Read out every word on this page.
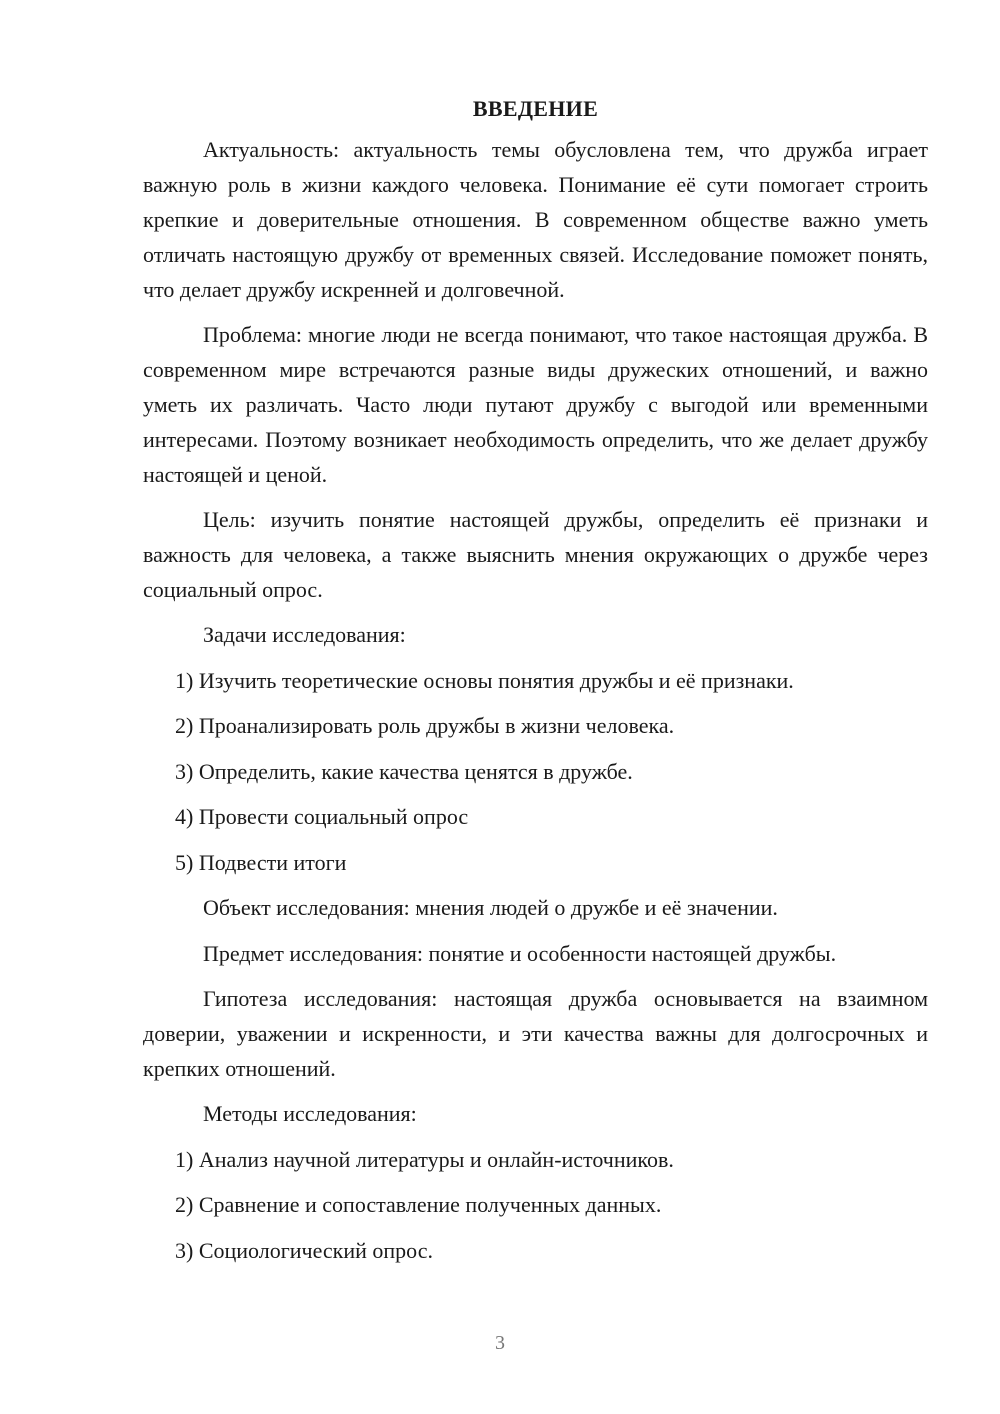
ВВЕДЕНИЕ

Актуальность: актуальность темы обусловлена тем, что дружба играет важную роль в жизни каждого человека. Понимание её сути помогает строить крепкие и доверительные отношения. В современном обществе важно уметь отличать настоящую дружбу от временных связей. Исследование поможет понять, что делает дружбу искренней и долговечной.

Проблема: многие люди не всегда понимают, что такое настоящая дружба. В современном мире встречаются разные виды дружеских отношений, и важно уметь их различать. Часто люди путают дружбу с выгодой или временными интересами. Поэтому возникает необходимость определить, что же делает дружбу настоящей и ценой.

Цель: изучить понятие настоящей дружбы, определить её признаки и важность для человека, а также выяснить мнения окружающих о дружбе через социальный опрос.

Задачи исследования:
1) Изучить теоретические основы понятия дружбы и её признаки.
2) Проанализировать роль дружбы в жизни человека.
3) Определить, какие качества ценятся в дружбе.
4) Провести социальный опрос
5) Подвести итоги
Объект исследования: мнения людей о дружбе и её значении.
Предмет исследования: понятие и особенности настоящей дружбы.

Гипотеза исследования: настоящая дружба основывается на взаимном доверии, уважении и искренности, и эти качества важны для долгосрочных и крепких отношений.

Методы исследования:
1) Анализ научной литературы и онлайн-источников.
2) Сравнение и сопоставление полученных данных.
3) Социологический опрос.
3
